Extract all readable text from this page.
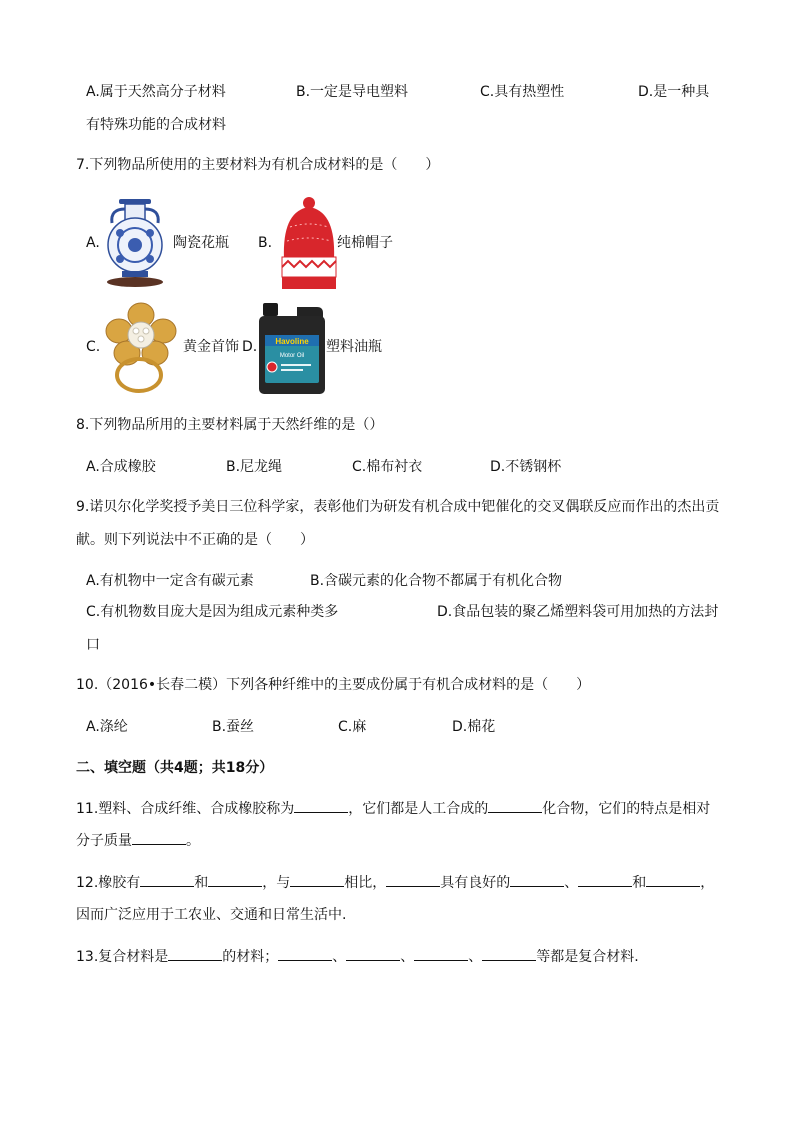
A.属于天然高分子材料	B.一定是导电塑料	C.具有热塑性	D.是一种具
有特殊功能的合成材料
7.下列物品所使用的主要材料为有机合成材料的是（　　）
A.	陶瓷花瓶 B.	纯棉帽子
C.	黄金首饰 D. Havoline
Motor Oil
塑料油瓶
8.下列物品所用的主要材料属于天然纤维的是（）
A.合成橡胶	B.尼龙绳	C.棉布衬衣	D.不锈钢杯
9.诺贝尔化学奖授予美日三位科学家，表彰他们为研发有机合成中钯催化的交叉偶联反应而作出的杰出贡
献。则下列说法中不正确的是（　　）
A.有机物中一定含有碳元素	B.含碳元素的化合物不都属于有机化合物
C.有机物数目庞大是因为组成元素种类多	D.食品包装的聚乙烯塑料袋可用加热的方法封
口
10.（2016•长春二模）下列各种纤维中的主要成份属于有机合成材料的是（　　）
A.涤纶	B.蚕丝	C.麻	D.棉花
二、填空题（共4题；共18分）
11.塑料、合成纤维、合成橡胶称为	，它们都是人工合成的	化合物，它们的特点是相对
分子质量	。
12.橡胶有	和	，与	相比，	具有良好的	、	和	，
因而广泛应用于工农业、交通和日常生活中.
13.复合材料是	的材料；	、	、	、	等都是复合材料.
